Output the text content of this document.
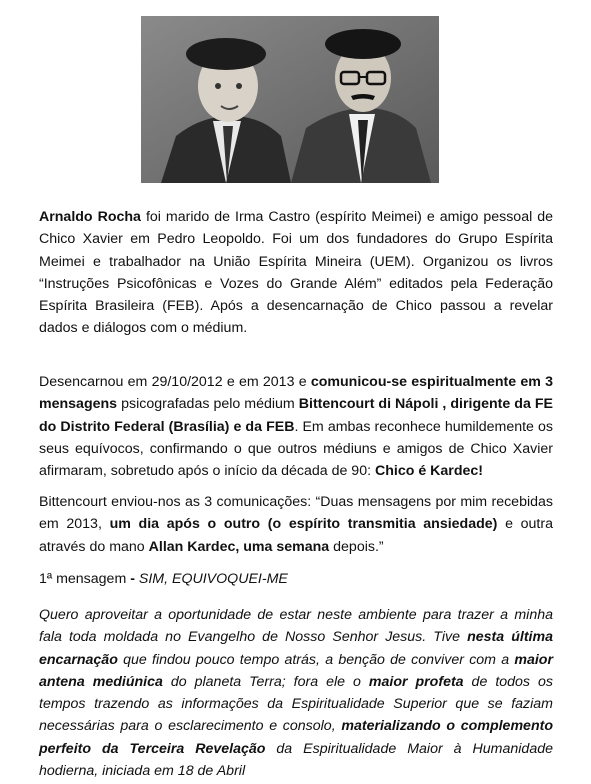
Arnaldo Rocha foi marido de Irma Castro (espírito Meimei) e amigo pessoal de Chico Xavier em Pedro Leopoldo. Foi um dos fundadores do Grupo Espírita Meimei e trabalhador na União Espírita Mineira (UEM). Organizou os livros “Instruções Psicofônicas e Vozes do Grande Além” editados pela Federação Espírita Brasileira (FEB). Após a desencarnação de Chico passou a revelar dados e diálogos com o médium.

Desencarnou em 29/10/2012 e em 2013 e comunicou-se espiritualmente em 3 mensagens psicografadas pelo médium Bittencourt di Nápoli , dirigente da FE do Distrito Federal (Brasília) e da FEB. Em ambas reconhece humildemente os seus equívocos, confirmando o que outros médiuns e amigos de Chico Xavier afirmaram, sobretudo após o início da década de 90: Chico é Kardec!

Bittencourt enviou-nos as 3 comunicações: “Duas mensagens por mim recebidas em 2013, um dia após o outro (o espírito transmitia ansiedade) e outra através do mano Allan Kardec, uma semana depois.”

1ª mensagem - SIM, EQUIVOQUEI-ME

Quero aproveitar a oportunidade de estar neste ambiente para trazer a minha fala toda moldada no Evangelho de Nosso Senhor Jesus. Tive nesta última encarnação que findou pouco tempo atrás, a benção de conviver com a maior antena mediúnica do planeta Terra; fora ele o maior profeta de todos os tempos trazendo as informações da Espiritualidade Superior que se faziam necessárias para o esclarecimento e consolo, materializando o complemento perfeito da Terceira Revelação da Espiritualidade Maior à Humanidade hodierna, iniciada em 18 de Abril
